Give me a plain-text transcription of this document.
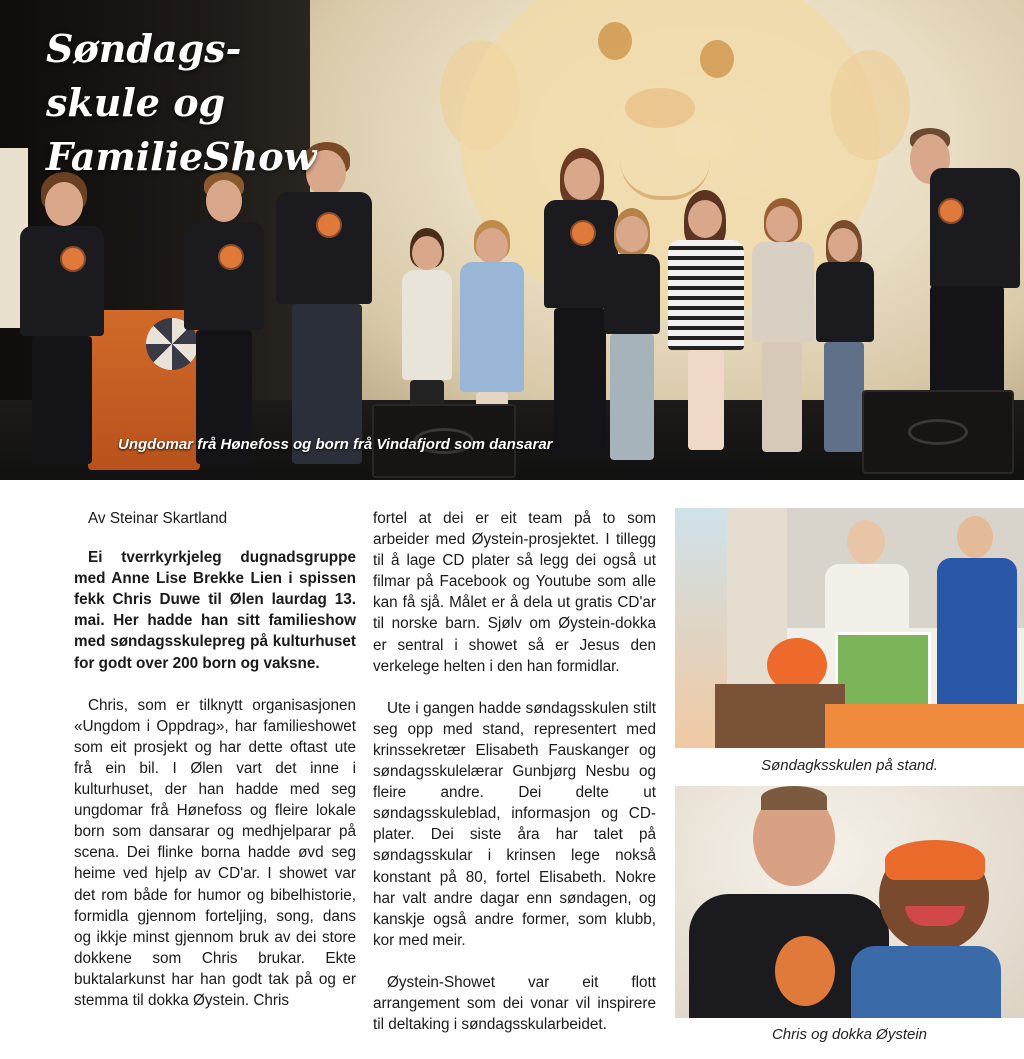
Søndags-
skule og
FamilieShow
Ungdomar frå Hønefoss og born frå Vindafjord som dansarar

Av Steinar Skartland

Ei tverrkyrkjeleg dugnadsgruppe med Anne Lise Brekke Lien i spissen fekk Chris Duwe til Ølen laurdag 13. mai. Her hadde han sitt familieshow med søndagsskulepreg på kulturhuset for godt over 200 born og vaksne.

Chris, som er tilknytt organisasjonen «Ungdom i Oppdrag», har familieshowet som eit prosjekt og har dette oftast ute frå ein bil. I Ølen vart det inne i kulturhuset, der han hadde med seg ungdomar frå Hønefoss og fleire lokale born som dansarar og medhjelparar på scena. Dei flinke borna hadde øvd seg heime ved hjelp av CD'ar. I showet var det rom både for humor og bibelhistorie, formidla gjennom forteljing, song, dans og ikkje minst gjennom bruk av dei store dokkene som Chris brukar. Ekte buktalarkunst har han godt tak på og er stemma til dokka Øystein. Chris

fortel at dei er eit team på to som arbeider med Øystein-prosjektet. I tillegg til å lage CD plater så legg dei også ut filmar på Facebook og Youtube som alle kan få sjå. Målet er å dela ut gratis CD'ar til norske barn. Sjølv om Øystein-dokka er sentral i showet så er Jesus den verkelege helten i den han formidlar.

Ute i gangen hadde søndagsskulen stilt seg opp med stand, representert med krinssekretær Elisabeth Fauskanger og søndagsskulelærar Gunbjørg Nesbu og fleire andre. Dei delte ut søndagsskuleblad, informasjon og CD-plater. Dei siste åra har talet på søndagsskular i krinsen lege nokså konstant på 80, fortel Elisabeth. Nokre har valt andre dagar enn søndagen, og kanskje også andre former, som klubb, kor med meir.

Øystein-Showet var eit flott arrangement som dei vonar vil inspirere til deltaking i søndagsskularbeidet.

Søndagksskulen på stand.
Chris og dokka Øystein
